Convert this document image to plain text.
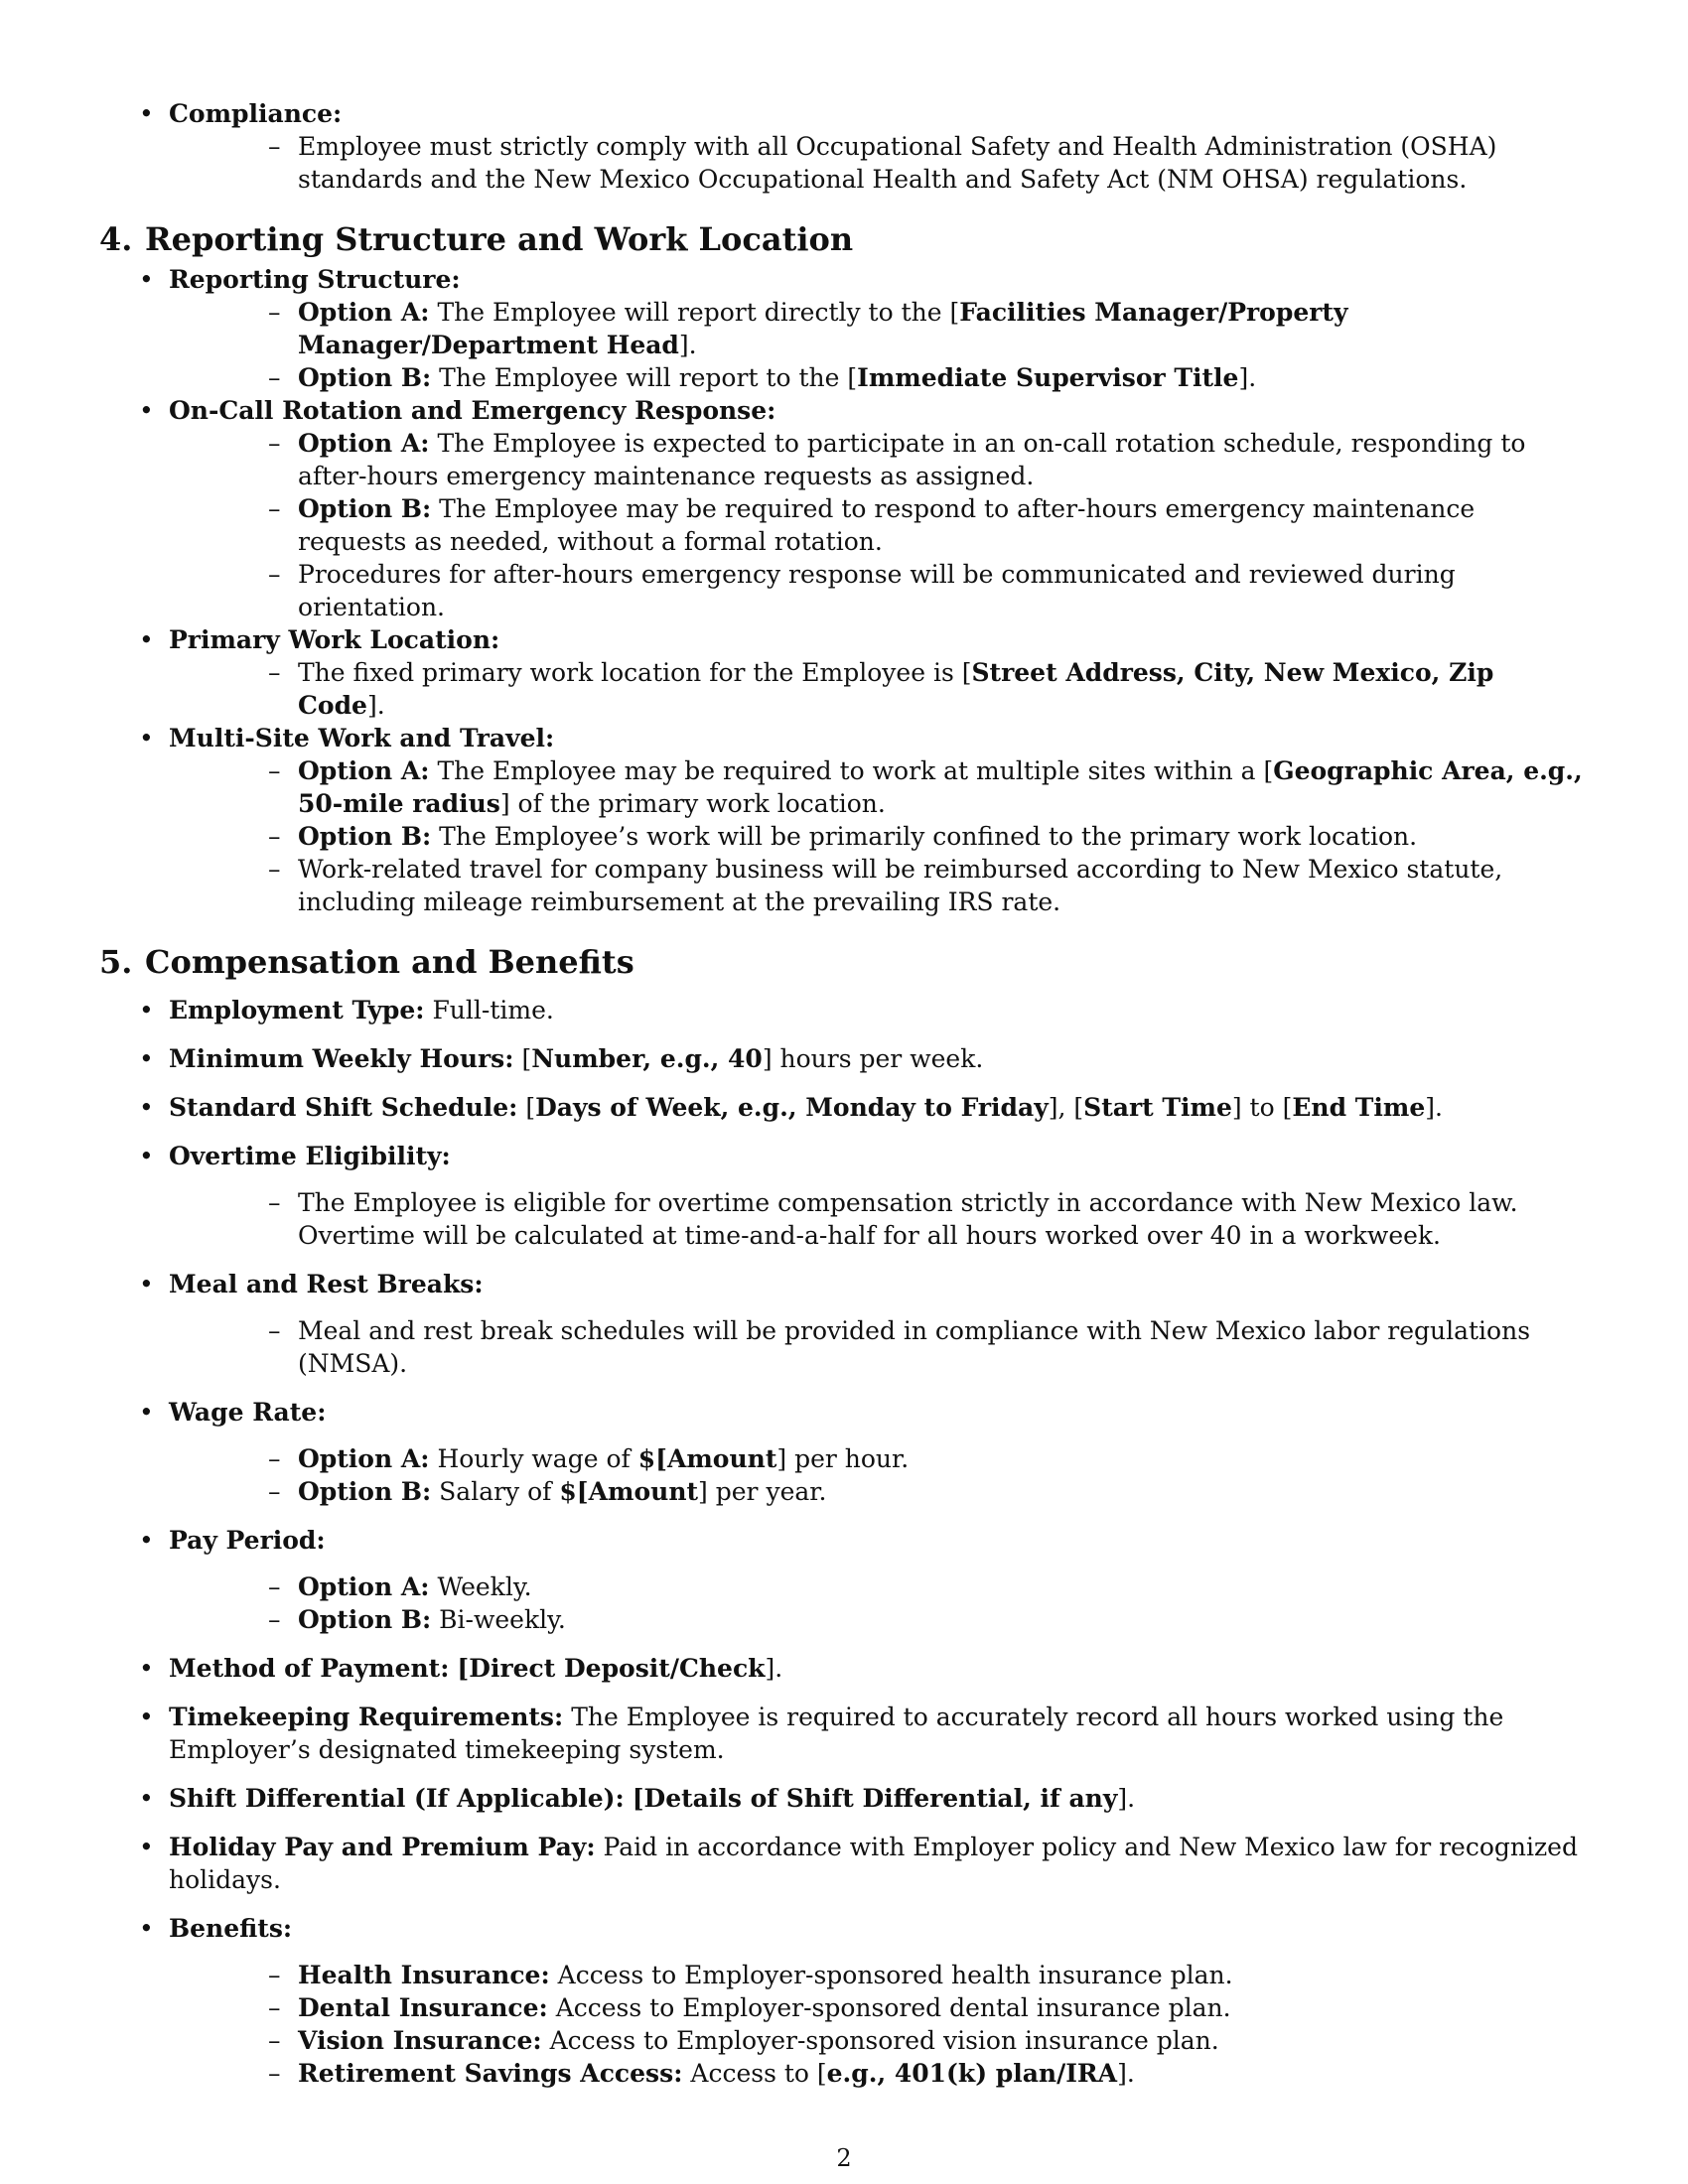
• Compliance:
– Employee must strictly comply with all Occupational Safety and Health Administration (OSHA) standards and the New Mexico Occupational Health and Safety Act (NM OHSA) regulations.
4. Reporting Structure and Work Location
• Reporting Structure:
– Option A: The Employee will report directly to the [Facilities Manager/Property Manager/Department Head].
– Option B: The Employee will report to the [Immediate Supervisor Title].
• On-Call Rotation and Emergency Response:
– Option A: The Employee is expected to participate in an on-call rotation schedule, responding to after-hours emergency maintenance requests as assigned.
– Option B: The Employee may be required to respond to after-hours emergency maintenance requests as needed, without a formal rotation.
– Procedures for after-hours emergency response will be communicated and reviewed during orientation.
• Primary Work Location:
– The fixed primary work location for the Employee is [Street Address, City, New Mexico, Zip Code].
• Multi-Site Work and Travel:
– Option A: The Employee may be required to work at multiple sites within a [Geographic Area, e.g., 50-mile radius] of the primary work location.
– Option B: The Employee’s work will be primarily confined to the primary work location.
– Work-related travel for company business will be reimbursed according to New Mexico statute, including mileage reimbursement at the prevailing IRS rate.
5. Compensation and Benefits
• Employment Type: Full-time.
• Minimum Weekly Hours: [Number, e.g., 40] hours per week.
• Standard Shift Schedule: [Days of Week, e.g., Monday to Friday], [Start Time] to [End Time].
• Overtime Eligibility:
– The Employee is eligible for overtime compensation strictly in accordance with New Mexico law. Overtime will be calculated at time-and-a-half for all hours worked over 40 in a workweek.
• Meal and Rest Breaks:
– Meal and rest break schedules will be provided in compliance with New Mexico labor regulations (NMSA).
• Wage Rate:
– Option A: Hourly wage of $[Amount] per hour.
– Option B: Salary of $[Amount] per year.
• Pay Period:
– Option A: Weekly.
– Option B: Bi-weekly.
• Method of Payment: [Direct Deposit/Check].
• Timekeeping Requirements: The Employee is required to accurately record all hours worked using the Employer’s designated timekeeping system.
• Shift Differential (If Applicable): [Details of Shift Differential, if any].
• Holiday Pay and Premium Pay: Paid in accordance with Employer policy and New Mexico law for recognized holidays.
• Benefits:
– Health Insurance: Access to Employer-sponsored health insurance plan.
– Dental Insurance: Access to Employer-sponsored dental insurance plan.
– Vision Insurance: Access to Employer-sponsored vision insurance plan.
– Retirement Savings Access: Access to [e.g., 401(k) plan/IRA].
2
